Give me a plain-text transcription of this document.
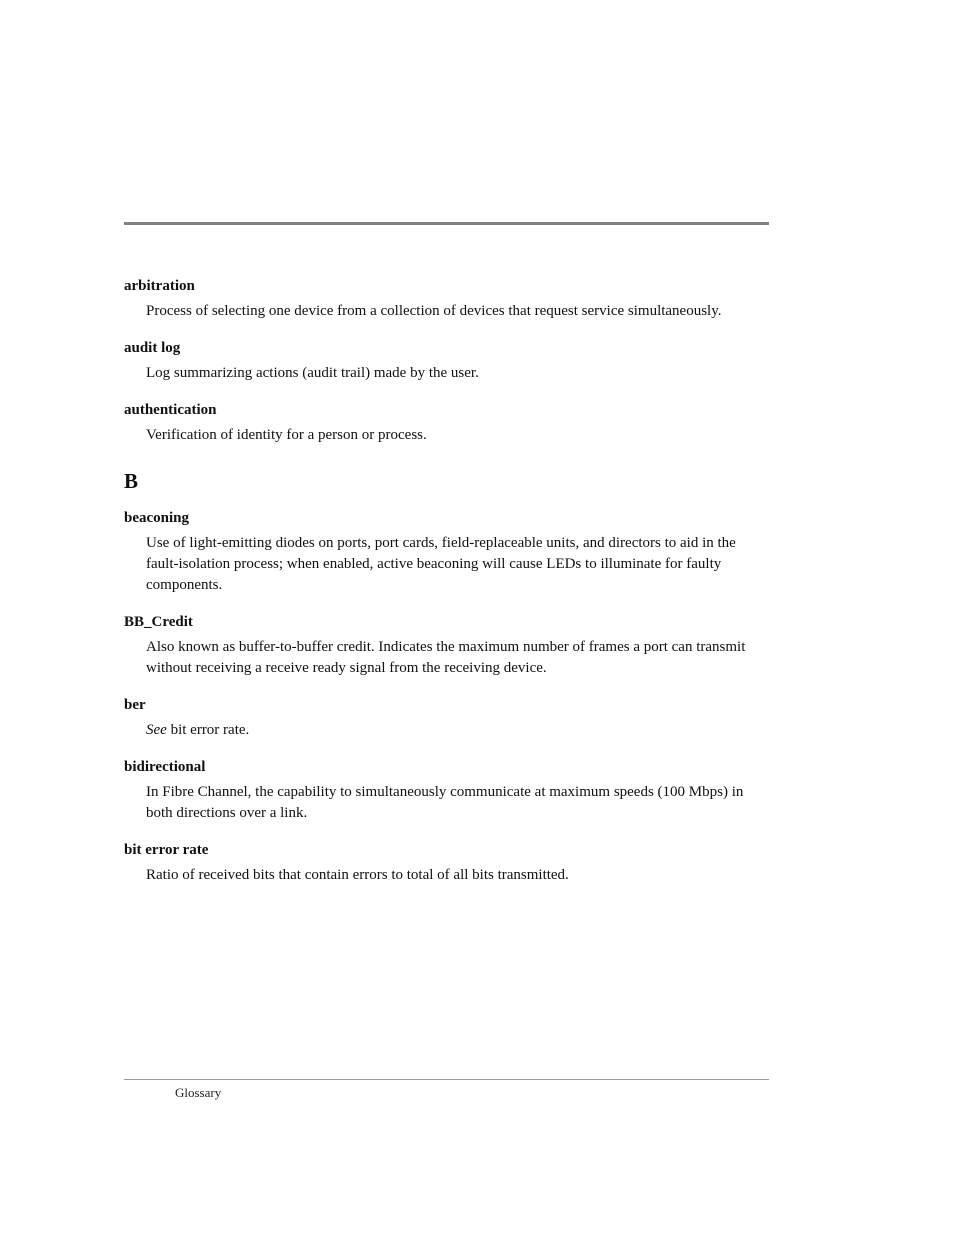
arbitration

Process of selecting one device from a collection of devices that request service simultaneously.

audit log

Log summarizing actions (audit trail) made by the user.

authentication

Verification of identity for a person or process.

B

beaconing

Use of light-emitting diodes on ports, port cards, field-replaceable units, and directors to aid in the fault-isolation process; when enabled, active beaconing will cause LEDs to illuminate for faulty components.

BB_Credit

Also known as buffer-to-buffer credit. Indicates the maximum number of frames a port can transmit without receiving a receive ready signal from the receiving device.

ber

See bit error rate.

bidirectional

In Fibre Channel, the capability to simultaneously communicate at maximum speeds (100 Mbps) in both directions over a link.

bit error rate

Ratio of received bits that contain errors to total of all bits transmitted.

Glossary
